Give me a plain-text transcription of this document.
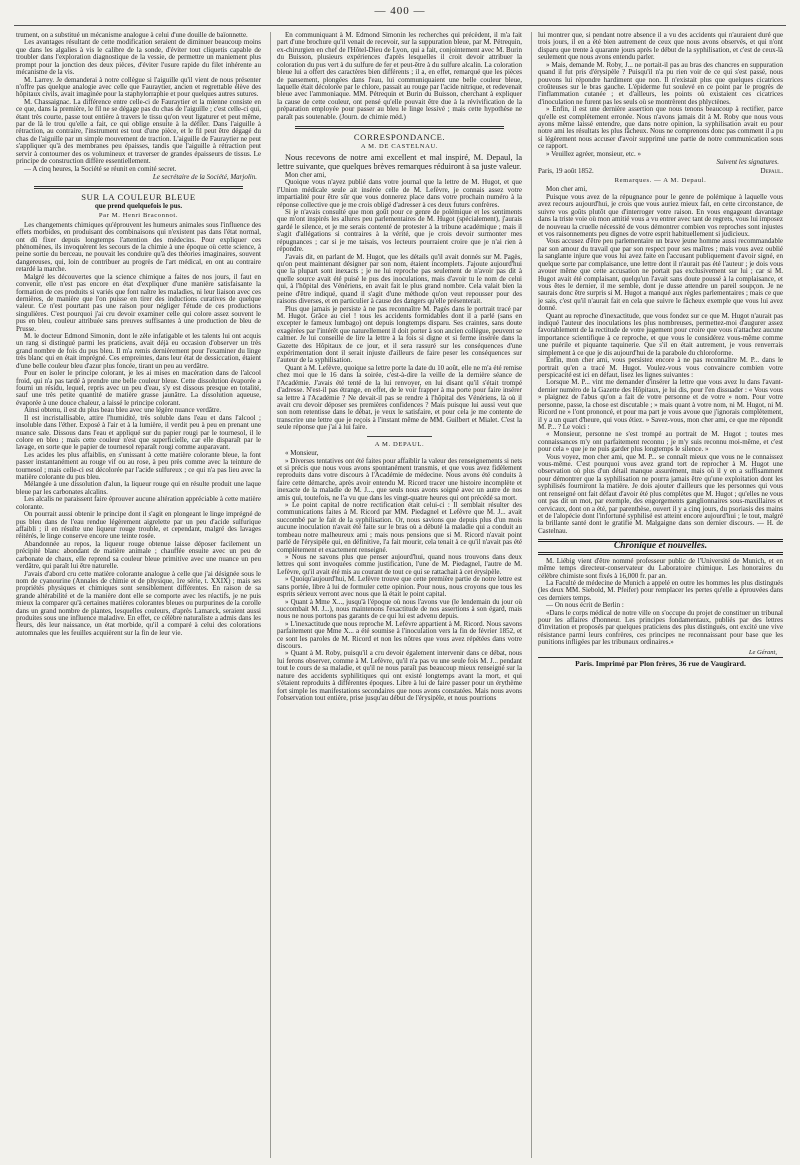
— 400 —
trument, on a substitué un mécanisme analogue à celui d'une douille de baïonnette.
Les avantages résultant de cette modification seraient de diminuer beaucoup moins que dans les algalies à vis le calibre de la sonde, d'éviter tout cliquetis capable de troubler dans l'exploration diagnostique de la vessie, de permettre un maniement plus prompt pour la jonction des deux pièces, d'éviter l'usure rapide du filet inhérente au mécanisme de la vis.
M. Larrey. Je demanderai à notre collègue si l'aiguille qu'il vient de nous présenter n'offre pas quelque analogie avec celle que Fauraytier, ancien et regrettable élève des hôpitaux civils, avait imaginée pour la staphylorraphie et pour quelques autres sutures.
M. Chassaignac. La différence entre celle-ci de Fauraytier et la mienne consiste en ce que, dans la première, le fil ne se dégage pas du chas de l'aiguille ; c'est celle-ci qui, étant très courte, passe tout entière à travers le tissu qu'on veut ligaturer et peut même, par de là le trou qu'elle a fait, ce qui oblige ensuite à la défiler. Dans l'aiguille à rétraction, au contraire, l'instrument est tout d'une pièce, et le fil peut être dégagé du chas de l'aiguille par un simple mouvement de traction. L'aiguille de Fauraytier ne peut s'appliquer qu'à des membranes peu épaisses, tandis que l'aiguille à rétraction peut servir à contourner des os volumineux et traverser de grandes épaisseurs de tissus. Le principe de construction diffère essentiellement.
— A cinq heures, la Société se réunit en comité secret.
Le secrétaire de la Société, Marjolin.
SUR LA COULEUR BLEUE
que prend quelquefois le pus.
Par M. Henri Braconnot.
Les changements chimiques qu'éprouvent les humeurs animales sous l'influence des effets morbides, en produisant des combinaisons qui n'existent pas dans l'état normal, ont dû fixer depuis longtemps l'attention des médecins. Pour expliquer ces phénomènes, ils invoquèrent les secours de la chimie à une époque où cette science, à peine sortie du berceau, ne pouvait les conduire qu'à des théories imaginaires, souvent dangereuses, qui, loin de contribuer au progrès de l'art médical, en ont au contraire retardé la marche.
Malgré les découvertes que la science chimique a faites de nos jours, il faut en convenir, elle n'est pas encore en état d'expliquer d'une manière satisfaisante la formation de ces produits si variés que font naître les maladies, ni leur liaison avec ces dernières, de manière que l'on puisse en tirer des inductions curatives de quelque valeur. Ce n'est pourtant pas une raison pour négliger l'étude de ces productions singulières. C'est pourquoi j'ai cru devoir examiner celle qui colore assez souvent le pus en bleu, couleur attribuée sans preuves suffisantes à une production de bleu de Prusse.
M. le docteur Edmond Simonin, dont le zèle infatigable et les talents lui ont acquis un rang si distingué parmi les praticiens, avait déjà eu occasion d'observer un très grand nombre de fois du pus bleu. Il m'a remis dernièrement pour l'examiner du linge très blanc qui en était imprégné. Ces empreintes, dans leur état de dessiccation, étaient d'une belle couleur bleu d'azur plus foncée, tirant un peu au verdâtre.
Pour en isoler le principe colorant, je les ai mises en macération dans de l'alcool froid, qui n'a pas tardé à prendre une belle couleur bleue. Cette dissolution évaporée a fourni un résidu, lequel, repris avec un peu d'eau, s'y est dissous presque en totalité, sauf une très petite quantité de matière grasse jaunâtre. La dissolution aqueuse, évaporée à une douce chaleur, a laissé le principe colorant.
Ainsi obtenu, il est du plus beau bleu avec une légère nuance verdâtre.
Il est incristallisable, attire l'humidité, très soluble dans l'eau et dans l'alcool ; insoluble dans l'éther. Exposé à l'air et à la lumière, il verdit peu à peu en prenant une nuance sale. Dissous dans l'eau et appliqué sur du papier rougi par le tournesol, il le colore en bleu ; mais cette couleur n'est que superficielle, car elle disparaît par le lavage, en sorte que le papier de tournesol reparaît rougi comme auparavant.
Les acides les plus affaiblis, en s'unissant à cette matière colorante bleue, la font passer instantanément au rouge vif ou au rose, à peu près comme avec la teinture de tournesol ; mais celle-ci est décolorée par l'acide sulfureux ; ce qui n'a pas lieu avec la matière colorante du pus bleu.
Mélangée à une dissolution d'alun, la liqueur rouge qui en résulte produit une laque bleue par les carbonates alcalins.
Les alcalis ne paraissent faire éprouver aucune altération appréciable à cette matière colorante.
On pourrait aussi obtenir le principe dont il s'agit en plongeant le linge imprégné de pus bleu dans de l'eau rendue légèrement aigrelette par un peu d'acide sulfurique affaibli ; il en résulte une liqueur rouge trouble, et cependant, malgré des lavages réitérés, le linge conserve encore une teinte rosée.
Abandonnée au repos, la liqueur rouge obtenue laisse déposer facilement un précipité blanc abondant de matière animale ; chauffée ensuite avec un peu de carbonate de chaux, elle reprend sa couleur bleue primitive avec une nuance un peu verdâtre, qui paraît lui être naturelle.
J'avais d'abord cru cette matière colorante analogue à celle que j'ai désignée sous le nom de cyanourine (Annales de chimie et de physique, 1re série, t. XXIX) ; mais ses propriétés physiques et chimiques sont sensiblement différentes. En raison de sa grande altérabilité et de la manière dont elle se comporte avec les réactifs, je ne puis mieux la comparer qu'à certaines matières colorantes bleues ou purpurines de la corolle dans un grand nombre de plantes, lesquelles couleurs, d'après Lamarck, seraient aussi produites sous une influence maladive. En effet, ce célèbre naturaliste a admis dans les fleurs, dès leur naissance, un état morbide, qu'il a comparé à celui des colorations automnales que les feuilles acquièrent sur la fin de leur vie.
En communiquant à M. Edmond Simonin les recherches qui précèdent, il m'a fait part d'une brochure qu'il venait de recevoir, sur la suppuration bleue, par M. Pétrequin, ex-chirurgien en chef de l'Hôtel-Dieu de Lyon, qui a fait, conjointement avec M. Burin du Buisson, plusieurs expériences d'après lesquelles il croit devoir attribuer la coloration du pus vert à du sulfure de fer et peut-être à du sulfure alcalin. La coloration bleue lui a offert des caractères bien différents ; il a, en effet, remarqué que les pièces de pansement, plongées dans l'eau, lui communiquaient une belle couleur bleue, laquelle était décolorée par le chlore, passait au rouge par l'acide nitrique, et redevenait bleue avec l'ammoniaque. MM. Pétrequin et Burin du Buisson, cherchant à expliquer la cause de cette couleur, ont pensé qu'elle pouvait être due à la révivification de la préparation employée pour passer au bleu le linge lessivé ; mais cette hypothèse ne paraît pas soutenable. (Journ. de chimie méd.)
CORRESPONDANCE.
A M. DE CASTELNAU.
Nous recevons de notre ami excellent et mal inspiré, M. Depaul, la lettre suivante, que quelques brèves remarques réduiront à sa juste valeur.
Mon cher ami,
Quoique vous n'ayez publié dans votre journal que la lettre de M. Hugot, et que l'Union médicale seule ait insérée celle de M. Lefèvre, je connais assez votre impartialité pour être sûr que vous donnerez place dans votre prochain numéro à la réponse collective que je me crois obligé d'adresser à ces deux futurs confrères.
Si je n'avais consulté que mon goût pour ce genre de polémique et les sentiments que m'ont inspirés les allures peu parlementaires de M. Hugot (spécialement), j'aurais gardé le silence, et je me serais contenté de protester à la tribune académique ; mais il s'agit d'allégations si contraires à la vérité, que je crois devoir surmonter mes répugnances ; car si je me taisais, vos lecteurs pourraient croire que je n'ai rien à répondre.
J'avais dit, en parlant de M. Hugot, que les détails qu'il avait donnés sur M. Pagès, qu'on peut maintenant désigner par son nom, étaient incomplets. J'ajoute aujourd'hui que la plupart sont inexacts ; je ne lui reproche pas seulement de n'avoir pas dit à quelle source avait été puisé le pus des inoculations, mais d'avoir tu le nom de celui qui, à l'hôpital des Vénériens, en avait fait le plus grand nombre. Cela valait bien la peine d'être indiqué, quand il s'agit d'une méthode qu'on veut repousser pour des raisons diverses, et en particulier à cause des dangers qu'elle présenterait.
Plus que jamais je persiste à ne pas reconnaître M. Pagès dans le portrait tracé par M. Hugot. Grâce au ciel ! tous les accidents formidables dont il a parlé (sans en excepter le fameux lumbago) ont depuis longtemps disparu. Ses craintes, sans doute exagérées par l'intérêt que naturellement il doit porter à son ancien collègue, peuvent se calmer. Je lui conseille de lire la lettre à la fois si digne et si ferme insérée dans la Gazette des Hôpitaux de ce jour, et il sera rassuré sur les conséquences d'une expérimentation dont il serait injuste d'ailleurs de faire peser les conséquences sur l'auteur de la syphilisation.
Quant à M. Lefèvre, quoique sa lettre porte la date du 10 août, elle ne m'a été remise chez moi que le 16 dans la soirée, c'est-à-dire la veille de la dernière séance de l'Académie. J'avais été tenté de la lui renvoyer, en lui disant qu'il s'était trompé d'adresse. N'est-il pas étrange, en effet, de le voir frapper à ma porte pour faire insérer sa lettre à l'Académie ? Ne devait-il pas se rendre à l'hôpital des Vénériens, là où il avait cru devoir déposer ses premières confidences ? Mais puisque lui aussi veut que son nom retentisse dans le débat, je veux le satisfaire, et pour cela je me contente de transcrire une lettre que je reçois à l'instant même de MM. Guilbert et Mialet. C'est la seule réponse que j'ai à lui faire.
A M. DEPAUL.
« Monsieur,
» Diverses tentatives ont été faites pour affaiblir la valeur des renseignements si nets et si précis que nous vous avons spontanément transmis, et que vous avez fidèlement reproduits dans votre discours à l'Académie de médecine. Nous avons été conduits à faire cette démarche, après avoir entendu M. Ricord tracer une histoire incomplète et inexacte de la maladie de M. J..., que seuls nous avons soigné avec un autre de nos amis qui, toutefois, ne l'a vu que dans les vingt-quatre heures qui ont précédé sa mort.
» Le point capital de notre rectification était celui-ci : Il semblait résulter des communications faites à M. Ricord par MM. Piedagnel et Lefèvre que M. J... avait succombé par le fait de la syphilisation. Or, nous savions que depuis plus d'un mois aucune inoculation n'avait été faite sur le bras où a débuté la maladie qui a conduit au tombeau notre malheureux ami ; mais nous pensions que si M. Ricord n'avait point parlé de l'érysipèle qui, en définitive, l'a fait mourir, cela tenait à ce qu'il n'avait pas été complètement et exactement renseigné.
» Nous ne savons plus que penser aujourd'hui, quand nous trouvons dans deux lettres qui sont invoquées comme justification, l'une de M. Piedagnel, l'autre de M. Lefèvre, qu'il avait été mis au courant de tout ce qui se rattachait à cet érysipèle.
» Quoiqu'aujourd'hui, M. Lefèvre trouve que cette première partie de notre lettre est sans portée, libre à lui de formuler cette opinion. Pour nous, nous croyons que tous les esprits sérieux verront avec nous que là était le point capital.
» Quant à Mme X..., jusqu'à l'époque où nous l'avons vue (le lendemain du jour où succombait M. J...), nous maintenons l'exactitude de nos assertions à son égard, mais nous ne nous portons pas garants de ce qui lui est advenu depuis.
» L'inexactitude que nous reproche M. Lefèvre appartient à M. Ricord. Nous savons parfaitement que Mme X... a été soumise à l'inoculation vers la fin de février 1852, et ce sont les paroles de M. Ricord et non les nôtres que vous avez répétées dans votre discours.
» Quant à M. Roby, puisqu'il a cru devoir également intervenir dans ce débat, nous lui ferons observer, comme à M. Lefèvre, qu'il n'a pas vu une seule fois M. J... pendant tout le cours de sa maladie, et qu'il ne nous paraît pas beaucoup mieux renseigné sur la nature des accidents syphilitiques qui ont existé longtemps avant la mort, et qui s'étaient reproduits à différentes époques. Libre à lui de faire passer pour un érythème fort simple les manifestations secondaires que nous avons constatées. Mais nous avons l'observation tout entière, prise jusqu'au début de l'érysipèle, et nous pourrions
lui montrer que, si pendant notre absence il a vu des accidents qui n'auraient duré que trois jours, il en a été bien autrement de ceux que nous avons observés, et qui n'ont disparu que trente à quarante jours après le début de la syphilisation, et c'est de ceux-là seulement que nous avons entendu parler.
» Mais, demande M. Roby, J... ne portait-il pas au bras des chancres en suppuration quand il fut pris d'érysipèle ? Puisqu'il n'a pu rien voir de ce qui s'est passé, nous pouvons lui répondre hardiment que non. Il n'existait plus que quelques cicatrices croûteuses sur le bras gauche. L'épiderme fut soulevé en ce point par le progrès de l'inflammation cutanée ; et d'ailleurs, les points où existaient ces cicatrices d'inoculation ne furent pas les seuls où se montrèrent des phlyctènes.
» Enfin, il est une dernière assertion que nous tenons beaucoup à rectifier, parce qu'elle est complètement erronée. Nous n'avons jamais dit à M. Roby que nous vous ayons même laissé entendre, que dans notre opinion, la syphilisation avait eu pour notre ami les résultats les plus fâcheux. Nous ne comprenons donc pas comment il a pu si légèrement nous accuser d'avoir supprimé une partie de notre communication sous ce rapport.
» Veuillez agréer, monsieur, etc. »
Suivent les signatures.
Paris, 19 août 1852.	Depaul.
Remarques. — A M. Depaul.
Mon cher ami,
Puisque vous avez de la répugnance pour le genre de polémique à laquelle vous avez recours aujourd'hui, je crois que vous auriez mieux fait, en cette circonstance, de suivre vos goûts plutôt que d'interroger votre raison. En vous engageant davantage dans la triste voie où mon amitié vous a vu entrer avec tant de regrets, vous lui imposez de nouveau la cruelle nécessité de vous démontrer combien vos reproches sont injustes et vos raisonnements peu dignes de votre esprit habituellement si judicieux.
Vous accusez d'être peu parlementaire un brave jeune homme aussi recommandable par son amour du travail que par son respect pour ses maîtres ; mais vous avez oublié la sanglante injure que vous lui avez faite en l'accusant publiquement d'avoir signé, en quelque sorte par complaisance, une lettre dont il n'aurait pas été l'auteur ; je dois vous avouer même que cette accusation ne portait pas exclusivement sur lui ; car si M. Hugot avait été complaisant, quelqu'un l'avait sans doute poussé à la complaisance, et vous êtes le dernier, il me semble, dont je dusse attendre un pareil soupçon. Je ne saurais donc être surpris si M. Hugot a manqué aux règles parlementaires ; mais ce que je sais, c'est qu'il n'aurait fait en cela que suivre le fâcheux exemple que vous lui avez donné.
Quant au reproche d'inexactitude, que vous fondez sur ce que M. Hugot n'aurait pas indiqué l'auteur des inoculations les plus nombreuses, permettez-moi d'augurer assez favorablement de la rectitude de votre jugement pour croire que vous n'attachez aucune importance scientifique à ce reproche, et que vous le considérez vous-même comme une puérile et piquante taquinerie. Que s'il en était autrement, je vous renverrais simplement à ce que je dis aujourd'hui de la parabole du chloroforme.
Enfin, mon cher ami, vous persistez encore à ne pas reconnaître M. P... dans le portrait qu'en a tracé M. Hugot. Voulez-vous vous convaincre combien votre perspicacité est ici en défaut, lisez les lignes suivantes :
Lorsque M. P... vint me demander d'insérer la lettre que vous avez lu dans l'avant-dernier numéro de la Gazette des Hôpitaux, je lui dis, pour l'en dissuader : « Vous vous » plaignez de l'abus qu'on a fait de votre personne et de votre » nom. Pour votre personne, passe, la chose est discutable ; » mais quant à votre nom, ni M. Hugot, ni M. Ricord ne » l'ont prononcé, et pour ma part je vous avoue que j'ignorais complètement, il y a un quart d'heure, qui vous étiez. » Savez-vous, mon cher ami, ce que me répondit M. P... ? Le voici :
« Monsieur, personne ne s'est trompé au portrait de M. Hugot ; toutes mes connaissances m'y ont parfaitement reconnu ; je m'y suis reconnu moi-même, et c'est pour cela » que je ne puis garder plus longtemps le silence. »
Vous voyez, mon cher ami, que M. P... se connaît mieux que vous ne le connaissez vous-même. C'est pourquoi vous avez grand tort de reprocher à M. Hugot une observation où plus d'un détail manque assurément, mais où il y en a suffisamment pour démontrer que la syphilisation ne pourra jamais être qu'une exploitation dont les syphilisés fourniront la matière. Je dois ajouter d'ailleurs que les personnes qui vous ont renseigné ont fait défaut d'avoir été plus complètes que M. Hugot ; qu'elles ne vous ont pas dit un mot, par exemple, des engorgements ganglionnaires sous-maxillaires et cervicaux, dont on a été, par parenthèse, ouvert il y a cinq jours, du psoriasis des mains et de l'alopécie dont l'infortuné syphilisé est atteint encore aujourd'hui ; le tout, malgré la brillante santé dont le gratifie M. Malgaigne dans son dernier discours. — H. de Castelnau.
Chronique et nouvelles.
M. Liébig vient d'être nommé professeur public de l'Université de Munich, et en même temps directeur-conservateur du Laboratoire chimique. Les honoraires du célèbre chimiste sont fixés à 16,000 fr. par an.
La Faculté de médecine de Munich a appelé en outre les hommes les plus distingués (les deux MM. Siebold, M. Pfeifer) pour remplacer les pertes qu'elle a éprouvées dans ces derniers temps.
— On nous écrit de Berlin :
«Dans le corps médical de notre ville on s'occupe du projet de constituer un tribunal pour les affaires d'honneur. Les principes fondamentaux, publiés par des lettres d'invitation et proposés par quelques praticiens des plus distingués, ont excité une vive résistance parmi leurs confrères, ces principes ne reconnaissant pour base que les punitions infligées par les tribunaux ordinaires.»
Le Gérant,
Paris. Imprimé par Plon frères, 36 rue de Vaugirard.
